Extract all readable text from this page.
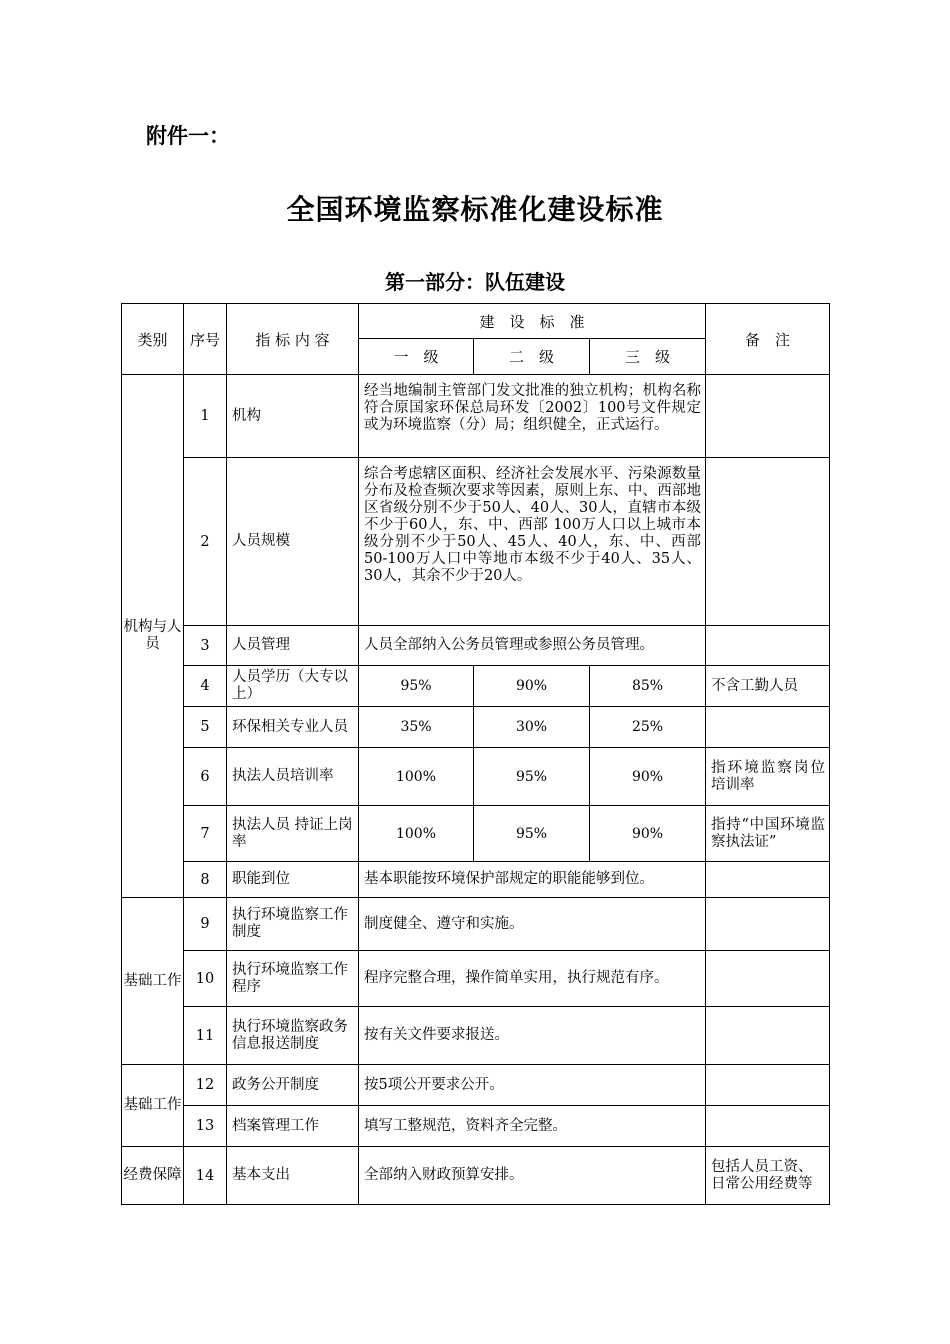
附件一：
全国环境监察标准化建设标准
第一部分：队伍建设
类别	序号	指 标 内 容	建　设　标　准			备　注
			一　级	二　级	三　级	
机构与人员	1	机构	经当地编制主管部门发文批准的独立机构；机构名称符合原国家环保总局环发〔2002〕100号文件规定或为环境监察（分）局；组织健全，正式运行。			
	2	人员规模	综合考虑辖区面积、经济社会发展水平、污染源数量分布及检查频次要求等因素，原则上东、中、西部地区省级分别不少于50人、40人、30人，直辖市本级不少于60人，东、中、西部 100万人口以上城市本级分别不少于50人、45人、40人，东、中、西部50-100万人口中等地市本级不少于40人、35人、30人，其余不少于20人。			
	3	人员管理	人员全部纳入公务员管理或参照公务员管理。			
	4	人员学历（大专以上）	95%	90%	85%	不含工勤人员
	5	环保相关专业人员	35%	30%	25%	
	6	执法人员培训率	100%	95%	90%	指环境监察岗位培训率
	7	执法人员 持证上岗率	100%	95%	90%	指持“中国环境监察执法证”
	8	职能到位	基本职能按环境保护部规定的职能能够到位。			
基础工作	9	执行环境监察工作制度	制度健全、遵守和实施。			
	10	执行环境监察工作程序	程序完整合理，操作简单实用，执行规范有序。			
	11	执行环境监察政务信息报送制度	按有关文件要求报送。			
基础工作	12	政务公开制度	按5项公开要求公开。			
	13	档案管理工作	填写工整规范，资料齐全完整。			
经费保障	14	基本支出	全部纳入财政预算安排。			包括人员工资、日常公用经费等
